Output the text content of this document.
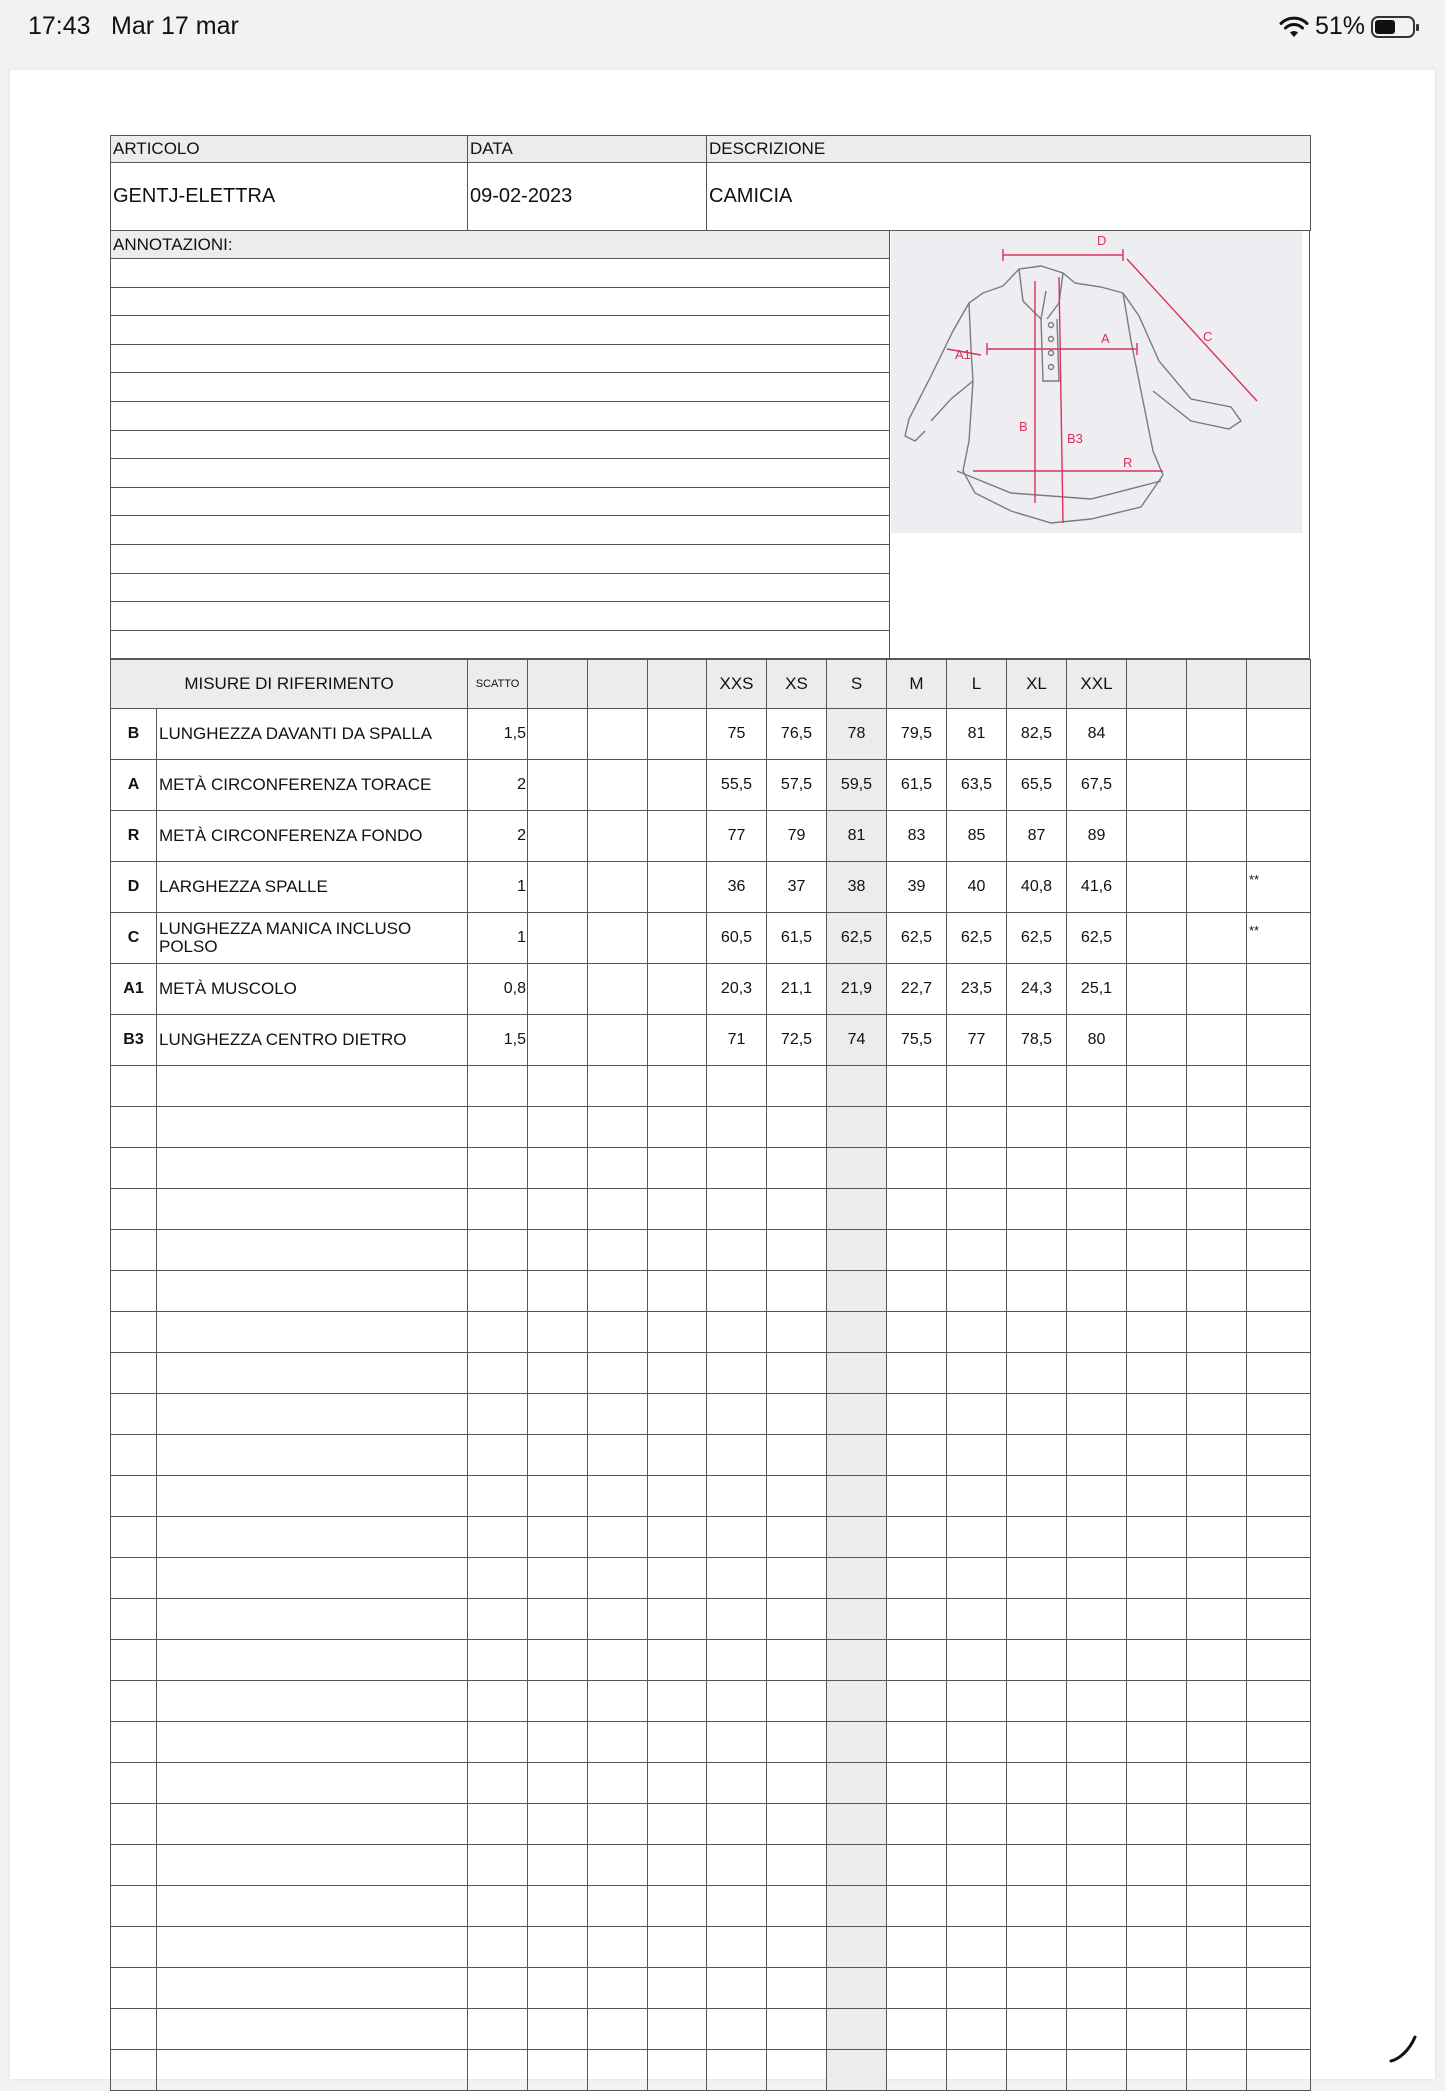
17:43 Mar 17 mar	51%
ARTICOLO	DATA	DESCRIZIONE
GENTJ-ELETTRA	09-02-2023	CAMICIA
ANNOTAZIONI:	D
A	C
A1
B
B3
R
MISURE DI RIFERIMENTO		SCATTO				XXS	XS	S	M	L	XL	XXL			
B	LUNGHEZZA DAVANTI DA SPALLA	1,5				75	76,5	78	79,5	81	82,5	84			
A	METÀ CIRCONFERENZA TORACE	2				55,5	57,5	59,5	61,5	63,5	65,5	67,5			
R	METÀ CIRCONFERENZA FONDO	2				77	79	81	83	85	87	89			
D	LARGHEZZA SPALLE	1				36	37	38	39	40	40,8	41,6			**
C	LUNGHEZZA MANICA INCLUSO POLSO	1				60,5	61,5	62,5	62,5	62,5	62,5	62,5			**
A1	METÀ MUSCOLO	0,8				20,3	21,1	21,9	22,7	23,5	24,3	25,1			
B3	LUNGHEZZA CENTRO DIETRO	1,5				71	72,5	74	75,5	77	78,5	80			
